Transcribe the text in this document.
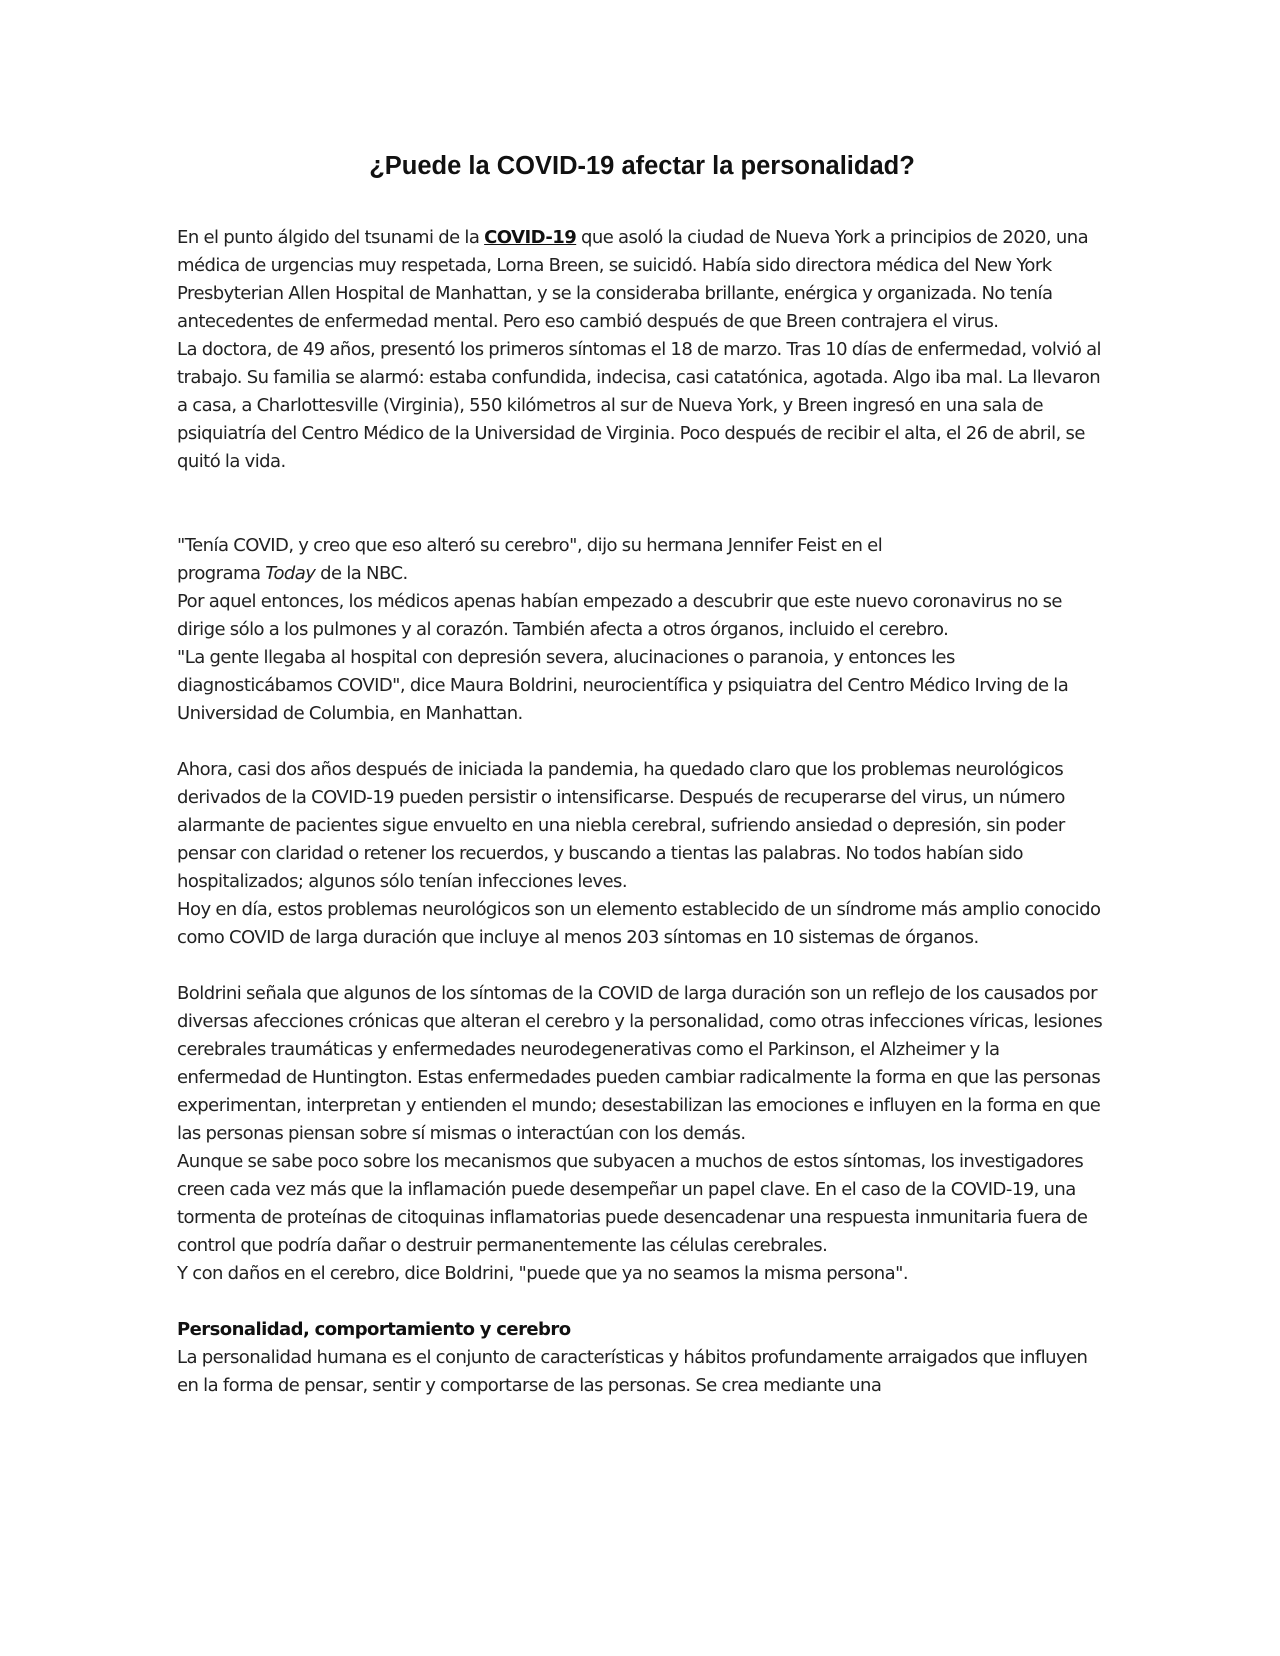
¿Puede la COVID-19 afectar la personalidad?

En el punto álgido del tsunami de la COVID-19 que asoló la ciudad de Nueva York a principios de 2020, una médica de urgencias muy respetada, Lorna Breen, se suicidó. Había sido directora médica del New York Presbyterian Allen Hospital de Manhattan, y se la consideraba brillante, enérgica y organizada. No tenía antecedentes de enfermedad mental. Pero eso cambió después de que Breen contrajera el virus.

La doctora, de 49 años, presentó los primeros síntomas el 18 de marzo. Tras 10 días de enfermedad, volvió al trabajo. Su familia se alarmó: estaba confundida, indecisa, casi catatónica, agotada. Algo iba mal. La llevaron a casa, a Charlottesville (Virginia), 550 kilómetros al sur de Nueva York, y Breen ingresó en una sala de psiquiatría del Centro Médico de la Universidad de Virginia. Poco después de recibir el alta, el 26 de abril, se quitó la vida.

"Tenía COVID, y creo que eso alteró su cerebro", dijo su hermana Jennifer Feist en el
programa Today de la NBC.

Por aquel entonces, los médicos apenas habían empezado a descubrir que este nuevo coronavirus no se dirige sólo a los pulmones y al corazón. También afecta a otros órganos, incluido el cerebro.

"La gente llegaba al hospital con depresión severa, alucinaciones o paranoia, y entonces les diagnosticábamos COVID", dice Maura Boldrini, neurocientífica y psiquiatra del Centro Médico Irving de la Universidad de Columbia, en Manhattan.

Ahora, casi dos años después de iniciada la pandemia, ha quedado claro que los problemas neurológicos derivados de la COVID-19 pueden persistir o intensificarse. Después de recuperarse del virus, un número alarmante de pacientes sigue envuelto en una niebla cerebral, sufriendo ansiedad o depresión, sin poder pensar con claridad o retener los recuerdos, y buscando a tientas las palabras. No todos habían sido hospitalizados; algunos sólo tenían infecciones leves.

Hoy en día, estos problemas neurológicos son un elemento establecido de un síndrome más amplio conocido como COVID de larga duración que incluye al menos 203 síntomas en 10 sistemas de órganos.

Boldrini señala que algunos de los síntomas de la COVID de larga duración son un reflejo de los causados por diversas afecciones crónicas que alteran el cerebro y la personalidad, como otras infecciones víricas, lesiones cerebrales traumáticas y enfermedades neurodegenerativas como el Parkinson, el Alzheimer y la enfermedad de Huntington. Estas enfermedades pueden cambiar radicalmente la forma en que las personas experimentan, interpretan y entienden el mundo; desestabilizan las emociones e influyen en la forma en que las personas piensan sobre sí mismas o interactúan con los demás.

Aunque se sabe poco sobre los mecanismos que subyacen a muchos de estos síntomas, los investigadores creen cada vez más que la inflamación puede desempeñar un papel clave. En el caso de la COVID-19, una tormenta de proteínas de citoquinas inflamatorias puede desencadenar una respuesta inmunitaria fuera de control que podría dañar o destruir permanentemente las células cerebrales.

Y con daños en el cerebro, dice Boldrini, "puede que ya no seamos la misma persona".

Personalidad, comportamiento y cerebro

La personalidad humana es el conjunto de características y hábitos profundamente arraigados que influyen en la forma de pensar, sentir y comportarse de las personas. Se crea mediante una
